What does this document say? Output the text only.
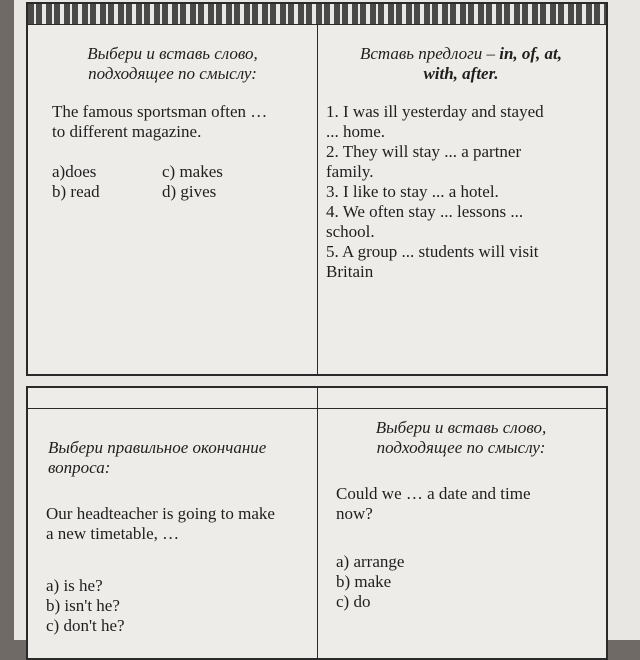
Выбери и вставь слово,
подходящее по смыслу:
The famous sportsman often …
to different magazine.
a)does
b) read
c) makes
d) gives
Вставь предлоги – in, of, at,
with, after.
1. I was ill yesterday and stayed
... home.
2. They will stay ... a partner
family.
3. I like to stay ... a hotel.
4. We often stay ... lessons ...
school.
5. A group ... students will visit
Britain
Выбери правильное окончание
вопроса:
Our headteacher is going to make
a new timetable, …
a) is he?
b) isn't he?
c) don't he?
Выбери и вставь слово,
подходящее по смыслу:
Could we … a date and time
now?
a) arrange
b) make
c) do
